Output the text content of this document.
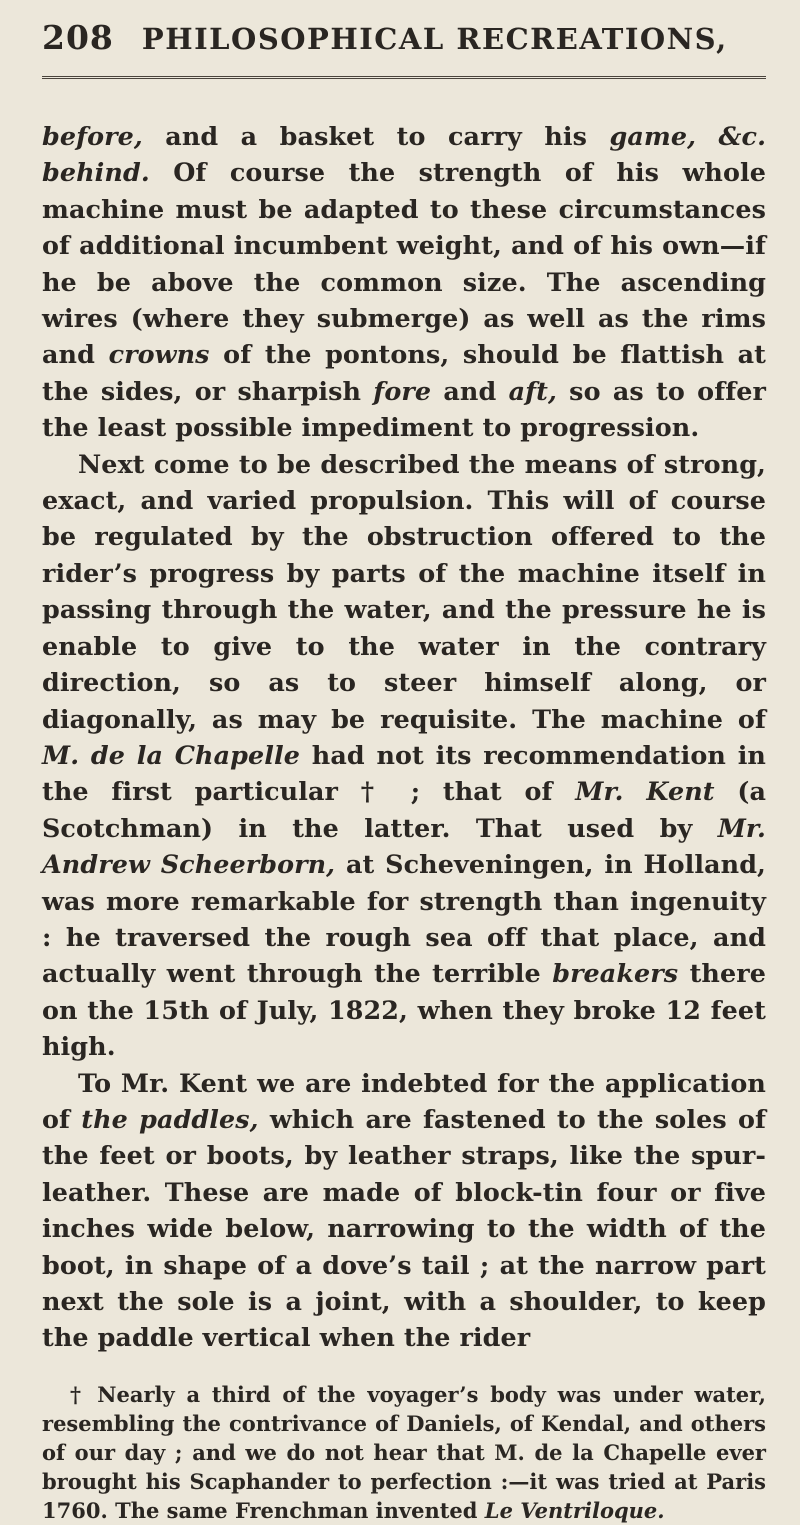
208 PHILOSOPHICAL RECREATIONS,

before, and a basket to carry his game, &c. behind. Of course the strength of his whole machine must be adapted to these circumstances of additional incumbent weight, and of his own—if he be above the common size. The ascending wires (where they submerge) as well as the rims and crowns of the pontons, should be flattish at the sides, or sharpish fore and aft, so as to offer the least possible impediment to progression.

Next come to be described the means of strong, exact, and varied propulsion. This will of course be regulated by the obstruction offered to the rider’s progress by parts of the machine itself in passing through the water, and the pressure he is enable to give to the water in the contrary direction, so as to steer himself along, or diagonally, as may be requisite. The machine of M. de la Chapelle had not its recommendation in the first particular † ; that of Mr. Kent (a Scotchman) in the latter. That used by Mr. Andrew Scheerborn, at Scheveningen, in Holland, was more remarkable for strength than ingenuity : he traversed the rough sea off that place, and actually went through the terrible breakers there on the 15th of July, 1822, when they broke 12 feet high.

To Mr. Kent we are indebted for the application of the paddles, which are fastened to the soles of the feet or boots, by leather straps, like the spur-leather. These are made of block-tin four or five inches wide below, narrowing to the width of the boot, in shape of a dove’s tail ; at the narrow part next the sole is a joint, with a shoulder, to keep the paddle vertical when the rider

† Nearly a third of the voyager’s body was under water, resembling the contrivance of Daniels, of Kendal, and others of our day ; and we do not hear that M. de la Chapelle ever brought his Scaphander to perfection :—it was tried at Paris 1760. The same Frenchman invented Le Ventriloque.
